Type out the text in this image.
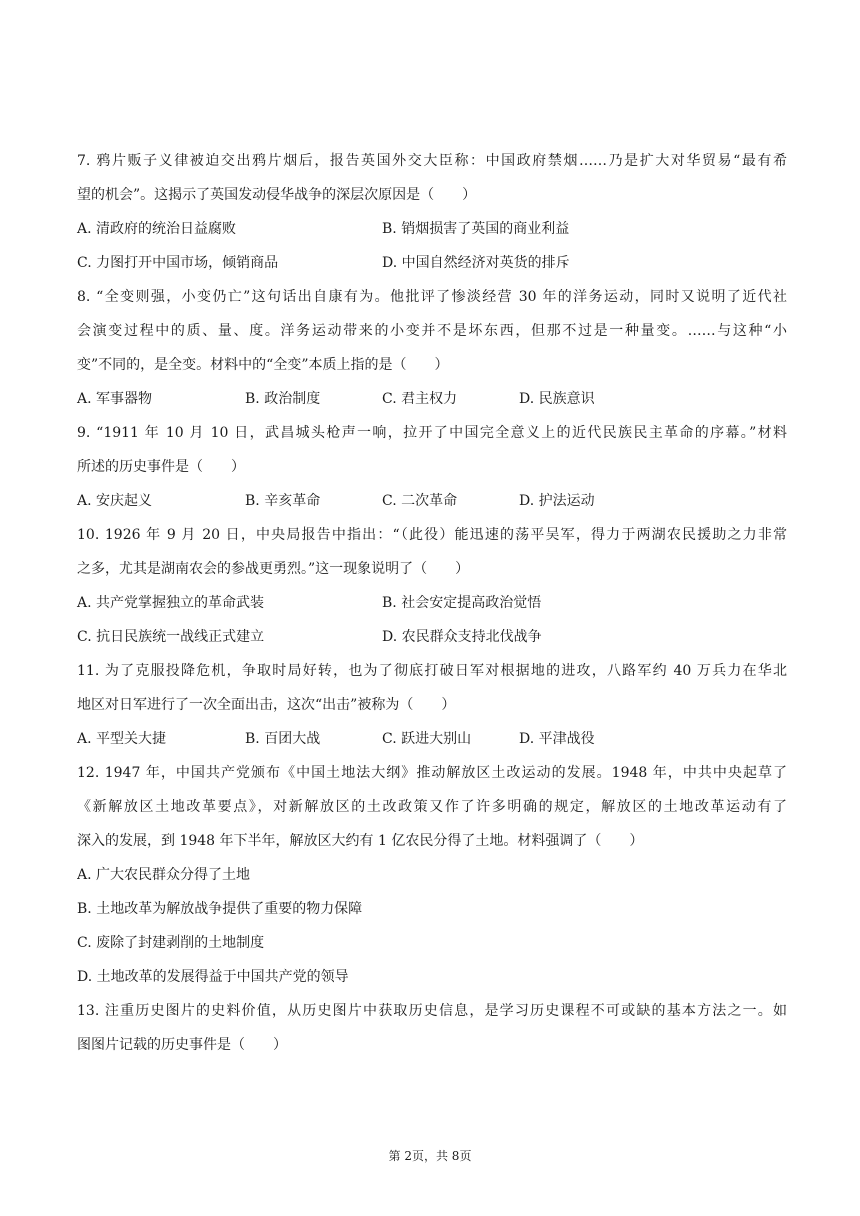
7. 鸦片贩子义律被迫交出鸦片烟后，报告英国外交大臣称：中国政府禁烟……乃是扩大对华贸易“最有希
望的机会”。这揭示了英国发动侵华战争的深层次原因是（　　）
A. 清政府的统治日益腐败	B. 销烟损害了英国的商业利益
C. 力图打开中国市场，倾销商品	D. 中国自然经济对英货的排斥
8. “全变则强，小变仍亡”这句话出自康有为。他批评了惨淡经营 30 年的洋务运动，同时又说明了近代社
会演变过程中的质、量、度。洋务运动带来的小变并不是坏东西，但那不过是一种量变。……与这种“小
变”不同的，是全变。材料中的“全变”本质上指的是（　　）
A. 军事器物	B. 政治制度	C. 君主权力	D. 民族意识
9. “1911 年 10 月 10 日，武昌城头枪声一响，拉开了中国完全意义上的近代民族民主革命的序幕。”材料
所述的历史事件是（　　）
A. 安庆起义	B. 辛亥革命	C. 二次革命	D. 护法运动
10. 1926 年 9 月 20 日，中央局报告中指出：“（此役）能迅速的荡平吴军，得力于两湖农民援助之力非常
之多，尤其是湖南农会的参战更勇烈。”这一现象说明了（　　）
A. 共产党掌握独立的革命武装	B. 社会安定提高政治觉悟
C. 抗日民族统一战线正式建立	D. 农民群众支持北伐战争
11. 为了克服投降危机，争取时局好转，也为了彻底打破日军对根据地的进攻，八路军约 40 万兵力在华北
地区对日军进行了一次全面出击，这次“出击”被称为（　　）
A. 平型关大捷	B. 百团大战	C. 跃进大别山	D. 平津战役
12. 1947 年，中国共产党颁布《中国土地法大纲》推动解放区土改运动的发展。1948 年，中共中央起草了
《新解放区土地改革要点》，对新解放区的土改政策又作了许多明确的规定，解放区的土地改革运动有了
深入的发展，到 1948 年下半年，解放区大约有 1 亿农民分得了土地。材料强调了（　　）
A. 广大农民群众分得了土地
B. 土地改革为解放战争提供了重要的物力保障
C. 废除了封建剥削的土地制度
D. 土地改革的发展得益于中国共产党的领导
13. 注重历史图片的史料价值，从历史图片中获取历史信息，是学习历史课程不可或缺的基本方法之一。如
图图片记载的历史事件是（　　）
第 2页，共 8页
